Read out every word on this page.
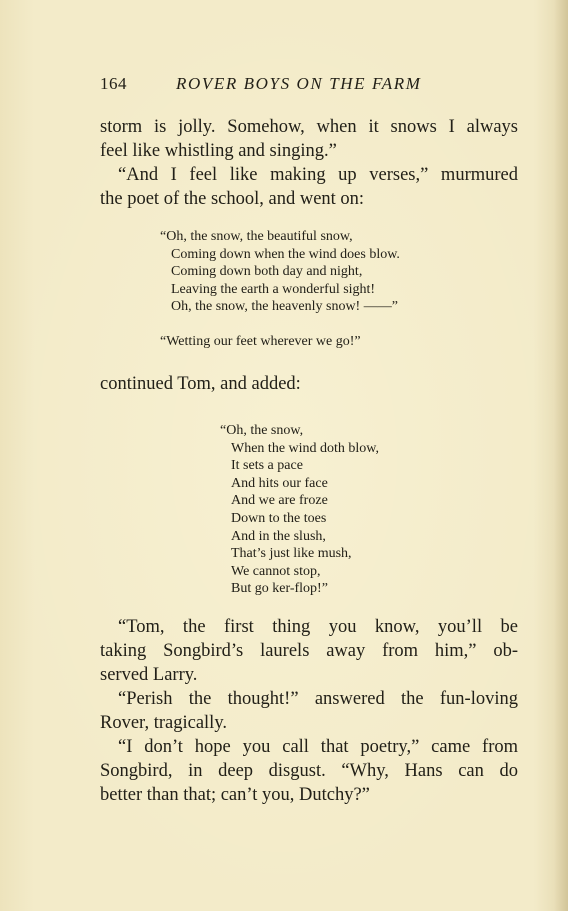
164	ROVER BOYS ON THE FARM

storm is jolly. Somehow, when it snows I always
feel like whistling and singing.”

“And I feel like making up verses,” murmured
the poet of the school, and went on:

“Oh, the snow, the beautiful snow,
Coming down when the wind does blow.
Coming down both day and night,
Leaving the earth a wonderful sight!
Oh, the snow, the heavenly snow! ——”
“Wetting our feet wherever we go!”

continued Tom, and added:

“Oh, the snow,
When the wind doth blow,
It sets a pace
And hits our face
And we are froze
Down to the toes
And in the slush,
That’s just like mush,
We cannot stop,
But go ker-flop!”

“Tom, the first thing you know, you’ll be
taking Songbird’s laurels away from him,” ob-
served Larry.

“Perish the thought!” answered the fun-loving
Rover, tragically.

“I don’t hope you call that poetry,” came from
Songbird, in deep disgust. “Why, Hans can do
better than that; can’t you, Dutchy?”
